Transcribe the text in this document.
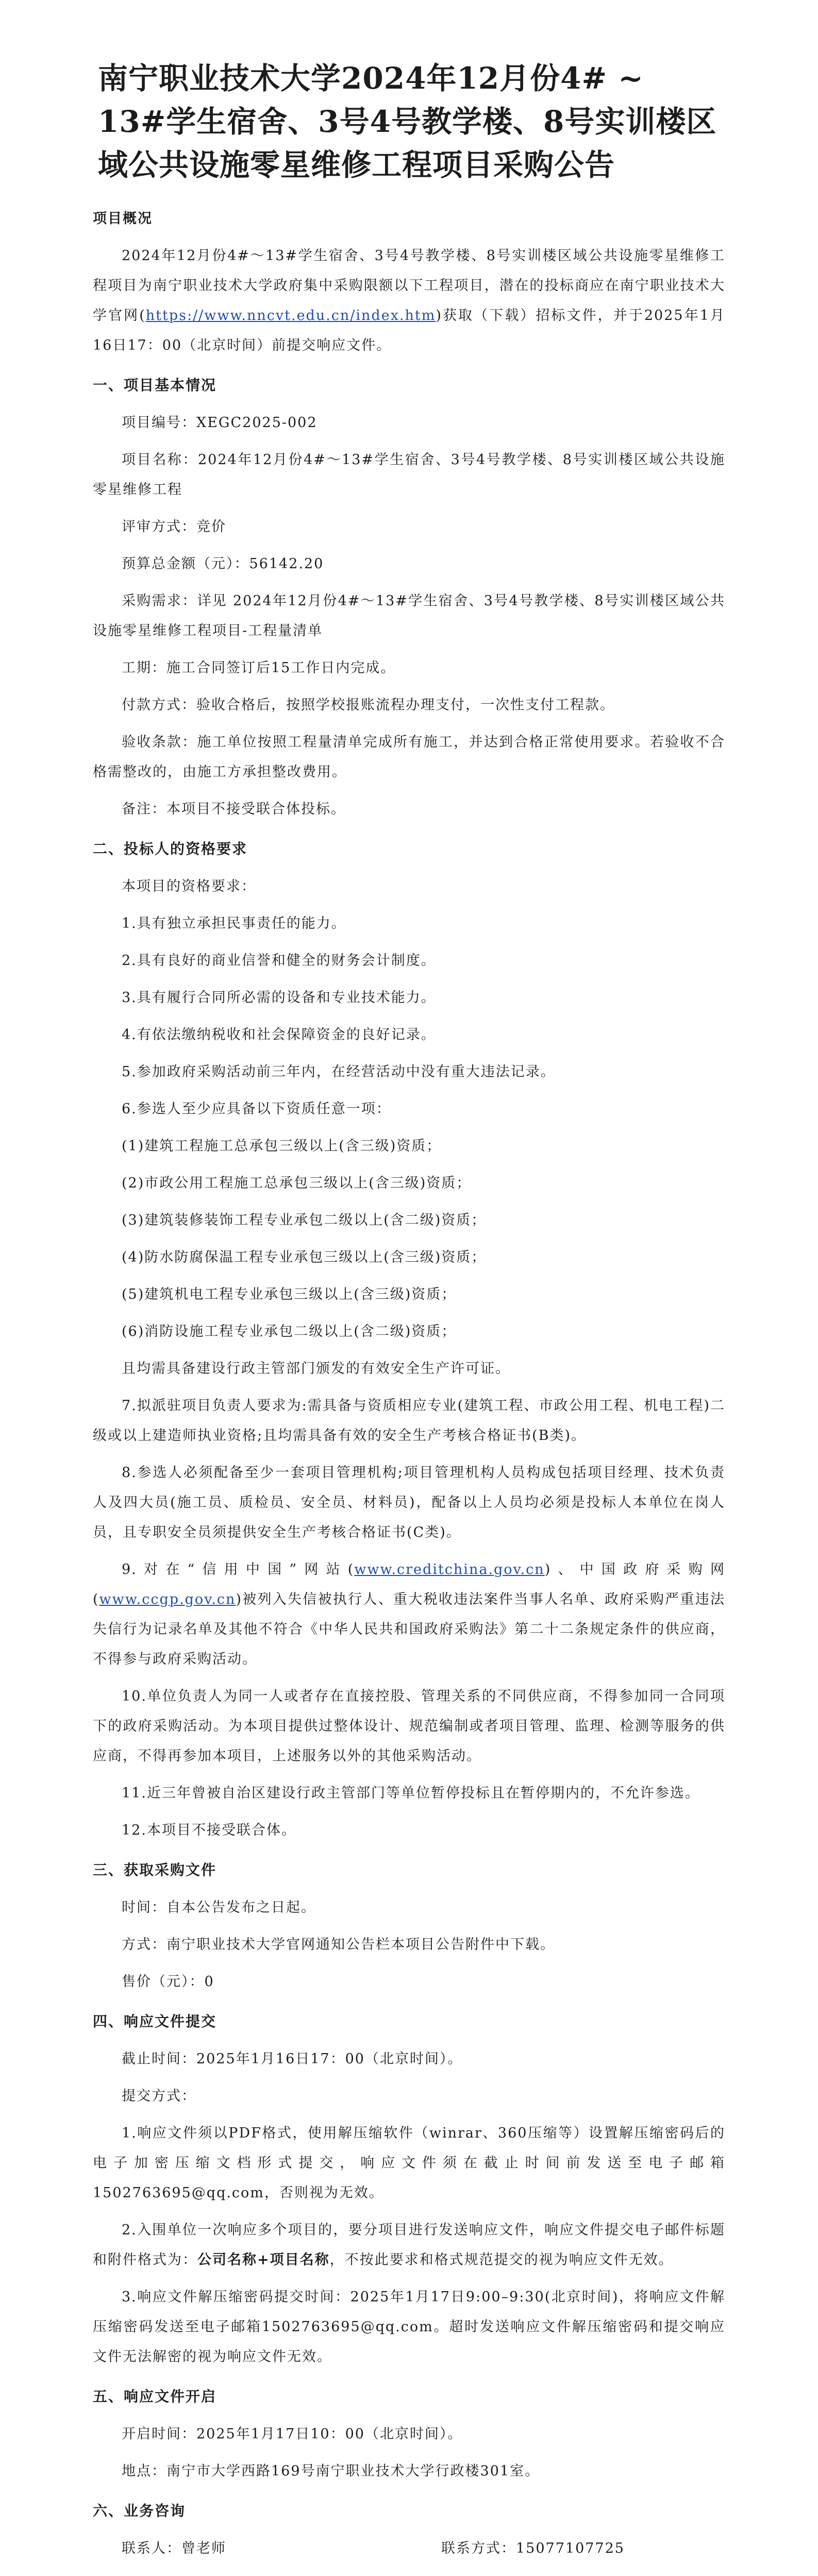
南宁职业技术大学2024年12月份4# ~ 13#学生宿舍、3号4号教学楼、8号实训楼区域公共设施零星维修工程项目采购公告
项目概况
2024年12月份4#～13#学生宿舍、3号4号教学楼、8号实训楼区域公共设施零星维修工程项目为南宁职业技术大学政府集中采购限额以下工程项目，潜在的投标商应在南宁职业技术大学官网(https://www.nncvt.edu.cn/index.htm)获取（下载）招标文件，并于2025年1月16日17：00（北京时间）前提交响应文件。
一、项目基本情况
项目编号：XEGC2025-002
项目名称：2024年12月份4#～13#学生宿舍、3号4号教学楼、8号实训楼区域公共设施零星维修工程
评审方式：竞价
预算总金额（元）：56142.20
采购需求：详见 2024年12月份4#～13#学生宿舍、3号4号教学楼、8号实训楼区域公共设施零星维修工程项目-工程量清单
工期：施工合同签订后15工作日内完成。
付款方式：验收合格后，按照学校报账流程办理支付，一次性支付工程款。
验收条款：施工单位按照工程量清单完成所有施工，并达到合格正常使用要求。若验收不合格需整改的，由施工方承担整改费用。
备注：本项目不接受联合体投标。
二、投标人的资格要求
本项目的资格要求：
1.具有独立承担民事责任的能力。
2.具有良好的商业信誉和健全的财务会计制度。
3.具有履行合同所必需的设备和专业技术能力。
4.有依法缴纳税收和社会保障资金的良好记录。
5.参加政府采购活动前三年内，在经营活动中没有重大违法记录。
6.参选人至少应具备以下资质任意一项：
(1)建筑工程施工总承包三级以上(含三级)资质；
(2)市政公用工程施工总承包三级以上(含三级)资质；
(3)建筑装修装饰工程专业承包二级以上(含二级)资质；
(4)防水防腐保温工程专业承包三级以上(含三级)资质；
(5)建筑机电工程专业承包三级以上(含三级)资质；
(6)消防设施工程专业承包二级以上(含二级)资质；
且均需具备建设行政主管部门颁发的有效安全生产许可证。
7.拟派驻项目负责人要求为:需具备与资质相应专业(建筑工程、市政公用工程、机电工程)二级或以上建造师执业资格;且均需具备有效的安全生产考核合格证书(B类)。
8.参选人必须配备至少一套项目管理机构;项目管理机构人员构成包括项目经理、技术负责人及四大员(施工员、质检员、安全员、材料员)，配备以上人员均必须是投标人本单位在岗人员，且专职安全员须提供安全生产考核合格证书(C类)。
9.对在“信用中国”网站(www.creditchina.gov.cn)、中国政府采购网(www.ccgp.gov.cn)被列入失信被执行人、重大税收违法案件当事人名单、政府采购严重违法失信行为记录名单及其他不符合《中华人民共和国政府采购法》第二十二条规定条件的供应商，不得参与政府采购活动。
10.单位负责人为同一人或者存在直接控股、管理关系的不同供应商，不得参加同一合同项下的政府采购活动。为本项目提供过整体设计、规范编制或者项目管理、监理、检测等服务的供应商，不得再参加本项目，上述服务以外的其他采购活动。
11.近三年曾被自治区建设行政主管部门等单位暂停投标且在暂停期内的，不允许参选。
12.本项目不接受联合体。
三、获取采购文件
时间：自本公告发布之日起。
方式：南宁职业技术大学官网通知公告栏本项目公告附件中下载。
售价（元）：0
四、响应文件提交
截止时间：2025年1月16日17：00（北京时间）。
提交方式：
1.响应文件须以PDF格式，使用解压缩软件（winrar、360压缩等）设置解压缩密码后的电子加密压缩文档形式提交，响应文件须在截止时间前发送至电子邮箱1502763695@qq.com，否则视为无效。
2.入围单位一次响应多个项目的，要分项目进行发送响应文件，响应文件提交电子邮件标题和附件格式为：公司名称+项目名称，不按此要求和格式规范提交的视为响应文件无效。
3.响应文件解压缩密码提交时间：2025年1月17日9:00–9:30(北京时间)，将响应文件解压缩密码发送至电子邮箱1502763695@qq.com。超时发送响应文件解压缩密码和提交响应文件无法解密的视为响应文件无效。
五、响应文件开启
开启时间：2025年1月17日10：00（北京时间）。
地点：南宁市大学西路169号南宁职业技术大学行政楼301室。
六、业务咨询
联系人：曾老师	联系方式：15077107725
